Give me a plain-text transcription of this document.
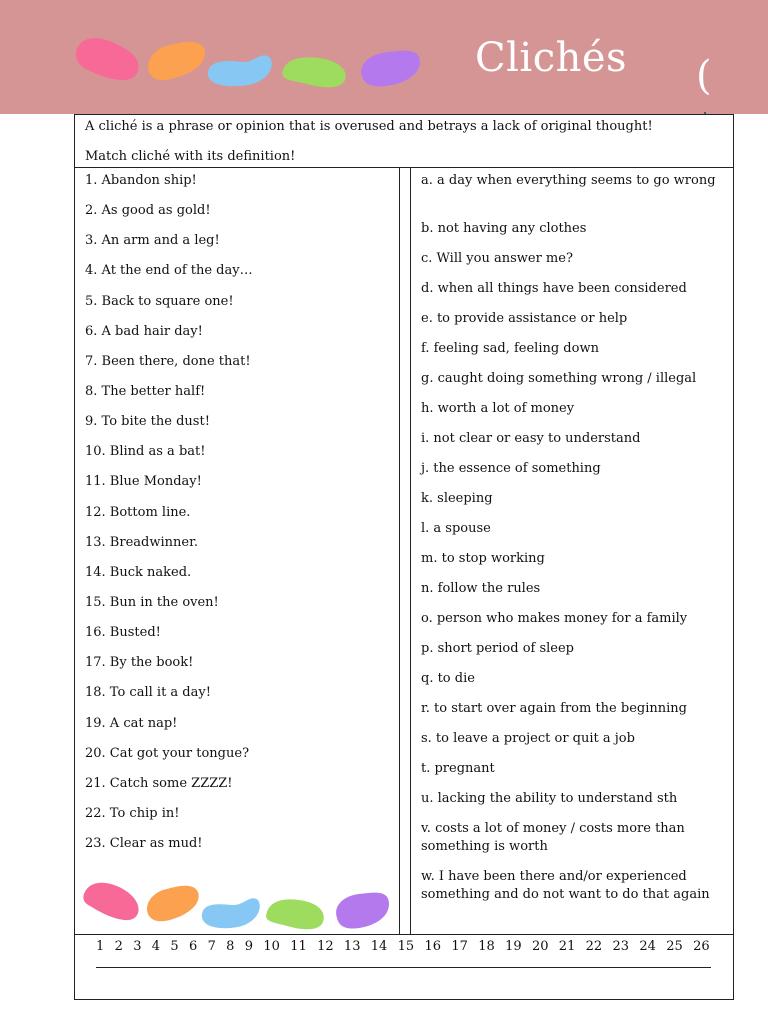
Clichés (
A cliché is a phrase or opinion that is overused and betrays a lack of original thought!
Match cliché with its definition!
1. Abandon ship!
2. As good as gold!
3. An arm and a leg!
4. At the end of the day…
5. Back to square one!
6. A bad hair day!
7. Been there, done that!
8. The better half!
9. To bite the dust!
10. Blind as a bat!
11. Blue Monday!
12. Bottom line.
13. Breadwinner.
14. Buck naked.
15. Bun in the oven!
16. Busted!
17. By the book!
18. To call it a day!
19. A cat nap!
20. Cat got your tongue?
21. Catch some ZZZZ!
22. To chip in!
23. Clear as mud!
a. a day when everything seems to go wrong
b. not having any clothes
c. Will you answer me?
d. when all things have been considered
e. to provide assistance or help
f. feeling sad, feeling down
g. caught doing something wrong / illegal
h. worth a lot of money
i. not clear or easy to understand
j. the essence of something
k. sleeping
l. a spouse
m. to stop working
n. follow the rules
o. person who makes money for a family
p. short period of sleep
q. to die
r. to start over again from the beginning
s. to leave a project or quit a job
t. pregnant
u. lacking the ability to understand sth
v. costs a lot of money / costs more than something is worth
w. I have been there and/or experienced something and do not want to do that again
1 2 3 4 5 6 7 8 9 10 11 12 13 14 15 16 17 18 19 20 21 22 23 24 25 26
